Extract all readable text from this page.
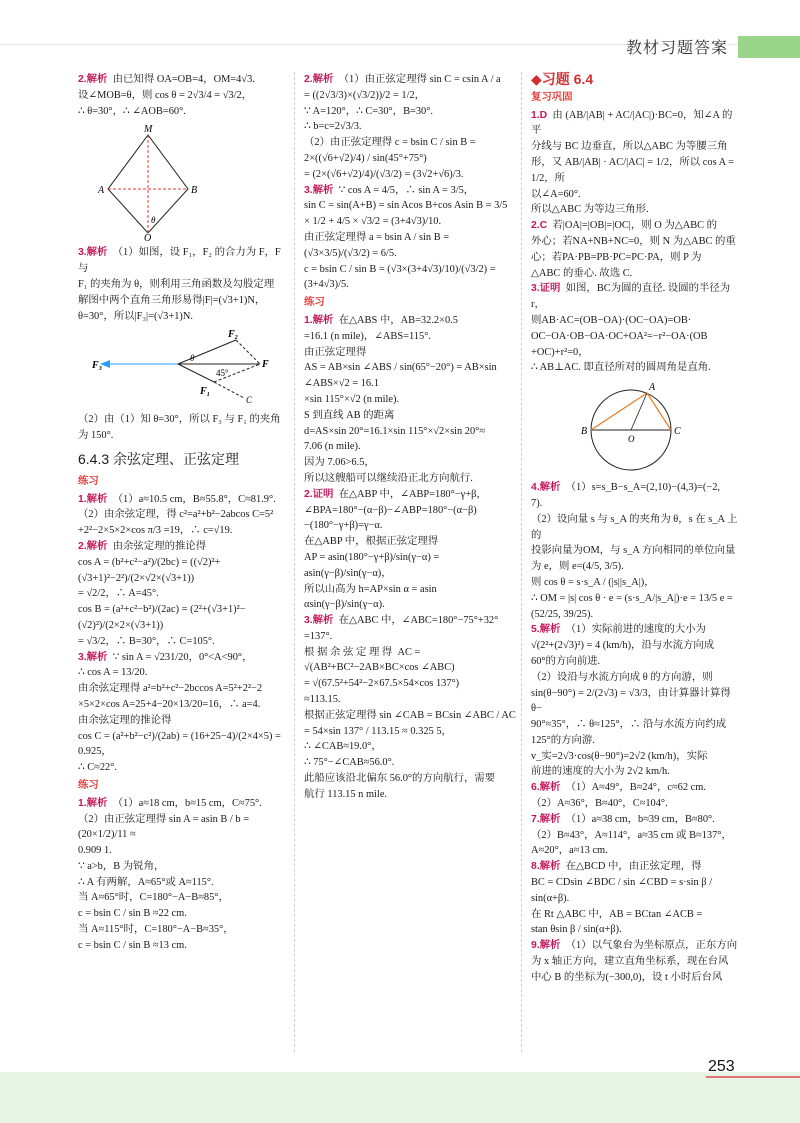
教材习题答案

2.解析 由已知得 OA=OB=4，OM=4√3.

设∠MOB=θ，则 cos θ = 2√3/4 = √3/2，

∴ θ=30°，∴ ∠AOB=60°.

M
A	B
O
θ

3.解析 （1）如图，设 F₁，F₂ 的合力为 F，F 与

F₁ 的夹角为 θ，则利用三角函数及勾股定理

解图中两个直角三角形易得|F|=(√3+1)N，

θ=30°，所以|F₃|=(√3+1)N.

F₂
F
F₁
F₃
C
θ
45°

（2）由（1）知 θ=30°，所以 F₃ 与 F₁ 的夹角

为 150°.

6.4.3 余弦定理、正弦定理
练习

1.解析 （1）a≈10.5 cm，B≈55.8°，C≈81.9°.

（2）由余弦定理，得 c²=a²+b²−2abcos C=5²

+2²−2×5×2×cos π/3 =19，∴ c=√19.

2.解析 由余弦定理的推论得

cos A = (b²+c²−a²)/(2bc) = ((√2)²+(√3+1)²−2²)/(2×√2×(√3+1))

= √2/2，∴ A=45°.

cos B = (a²+c²−b²)/(2ac) = (2²+(√3+1)²−(√2)²)/(2×2×(√3+1))

= √3/2，∴ B=30°，∴ C=105°.

3.解析 ∵ sin A = √231/20，0°<A<90°，

∴ cos A = 13/20.

由余弦定理得 a²=b²+c²−2bccos A=5²+2²−2

×5×2×cos A=25+4−20×13/20=16，∴ a=4.

由余弦定理的推论得

cos C = (a²+b²−c²)/(2ab) = (16+25−4)/(2×4×5) = 0.925，

∴ C≈22°.

练习

1.解析 （1）a≈18 cm，b≈15 cm，C≈75°.

（2）由正弦定理得 sin A = asin B / b = (20×1/2)/11 ≈

0.909 1.

∵ a>b，B 为锐角，

∴ A 有两解，A≈65°或 A≈115°.

当 A≈65°时，C=180°−A−B≈85°，

c = bsin C / sin B ≈22 cm.

当 A≈115°时，C=180°−A−B≈35°，

c = bsin C / sin B ≈13 cm.

2.解析 （1）由正弦定理得 sin C = csin A / a

= ((2√3/3)×(√3/2))/2 = 1/2，

∵ A=120°，∴ C=30°，B=30°.

∴ b=c=2√3/3.

（2）由正弦定理得 c = bsin C / sin B = 2×((√6+√2)/4) / sin(45°+75°)

= (2×(√6+√2)/4)/(√3/2) = (3√2+√6)/3.

3.解析 ∵ cos A = 4/5，∴ sin A = 3/5，

sin C = sin(A+B) = sin Acos B+cos Asin B = 3/5

× 1/2 + 4/5 × √3/2 = (3+4√3)/10.

由正弦定理得 a = bsin A / sin B = (√3×3/5)/(√3/2) = 6/5.

c = bsin C / sin B = (√3×(3+4√3)/10)/(√3/2) = (3+4√3)/5.

练习

1.解析 在△ABS 中，AB=32.2×0.5

=16.1 (n mile)，∠ABS=115°.

由正弦定理得

AS = AB×sin ∠ABS / sin(65°−20°) = AB×sin ∠ABS×√2 = 16.1

×sin 115°×√2 (n mile).

S 到直线 AB 的距离

d=AS×sin 20°=16.1×sin 115°×√2×sin 20°≈

7.06 (n mile).

因为 7.06>6.5，

所以这艘船可以继续沿正北方向航行.

2.证明 在△ABP 中，∠ABP=180°−γ+β，

∠BPA=180°−(α−β)−∠ABP=180°−(α−β)

−(180°−γ+β)=γ−α.

在△ABP 中，根据正弦定理得

AP = asin(180°−γ+β)/sin(γ−α) = asin(γ−β)/sin(γ−α)，

所以山高为 h=AP×sin α = asin αsin(γ−β)/sin(γ−α).

3.解析 在△ABC 中，∠ABC=180°−75°+32°

=137°.

根 据 余 弦 定 理 得  AC =

√(AB²+BC²−2AB×BC×cos ∠ABC)

= √(67.5²+54²−2×67.5×54×cos 137°)

≈113.15.

根据正弦定理得 sin ∠CAB = BCsin ∠ABC / AC

= 54×sin 137° / 113.15 ≈ 0.325 5，

∴ ∠CAB≈19.0°，

∴ 75°−∠CAB≈56.0°.

此船应该沿北偏东 56.0°的方向航行，需要

航行 113.15 n mile.

◆习题 6.4

复习巩固

1.D 由 (AB/|AB| + AC/|AC|)·BC=0，知∠A 的平

分线与 BC 边垂直，所以△ABC 为等腰三角

形，又 AB/|AB| · AC/|AC| = 1/2，所以 cos A = 1/2，所

以∠A=60°.

所以△ABC 为等边三角形.

2.C 若|OA|=|OB|=|OC|，则 O 为△ABC 的

外心；若NA+NB+NC=0，则 N 为△ABC 的重

心；若PA·PB=PB·PC=PC·PA，则 P 为

△ABC 的垂心. 故选 C.

3.证明 如图，BC为圆的直径. 设圆的半径为 r，

则AB·AC=(OB−OA)·(OC−OA)=OB·

OC−OA·OB−OA·OC+OA²=−r²−OA·(OB

+OC)+r²=0，

∴ AB⊥AC. 即直径所对的圆周角是直角.

A
B	C
O

4.解析 （1）s=s_B−s_A=(2,10)−(4,3)=(−2,

7).

（2）设向量 s 与 s_A 的夹角为 θ，s 在 s_A 上的

投影向量为OM，与 s_A 方向相同的单位向量

为 e，则 e=(4/5, 3/5).

则 cos θ = s·s_A / (|s||s_A|)，

∴ OM = |s| cos θ · e = (s·s_A/|s_A|)·e = 13/5 e =

(52/25, 39/25).

5.解析 （1）实际前进的速度的大小为

√(2²+(2√3)²) = 4 (km/h)，沿与水流方向成

60°的方向前进.

（2）设沿与水流方向成 θ 的方向游，则

sin(θ−90°) = 2/(2√3) = √3/3，由计算器计算得 θ−

90°≈35°，∴ θ≈125°，∴ 沿与水流方向约成

125°的方向游.

v_实=2√3·cos(θ−90°)=2√2 (km/h)，实际

前进的速度的大小为 2√2 km/h.

6.解析 （1）A≈49°，B≈24°，c≈62 cm.

（2）A≈36°，B≈40°，C≈104°.

7.解析 （1）a≈38 cm，b≈39 cm，B≈80°.

（2）B≈43°，A≈114°，a≈35 cm 或 B≈137°，

A≈20°，a≈13 cm.

8.解析 在△BCD 中，由正弦定理，得

BC = CDsin ∠BDC / sin ∠CBD = s·sin β / sin(α+β).

在 Rt △ABC 中，AB = BCtan ∠ACB =

stan θsin β / sin(α+β).

9.解析 （1）以气象台为坐标原点，正东方向

为 x 轴正方向，建立直角坐标系，现在台风

中心 B 的坐标为(−300,0)，设 t 小时后台风

253
